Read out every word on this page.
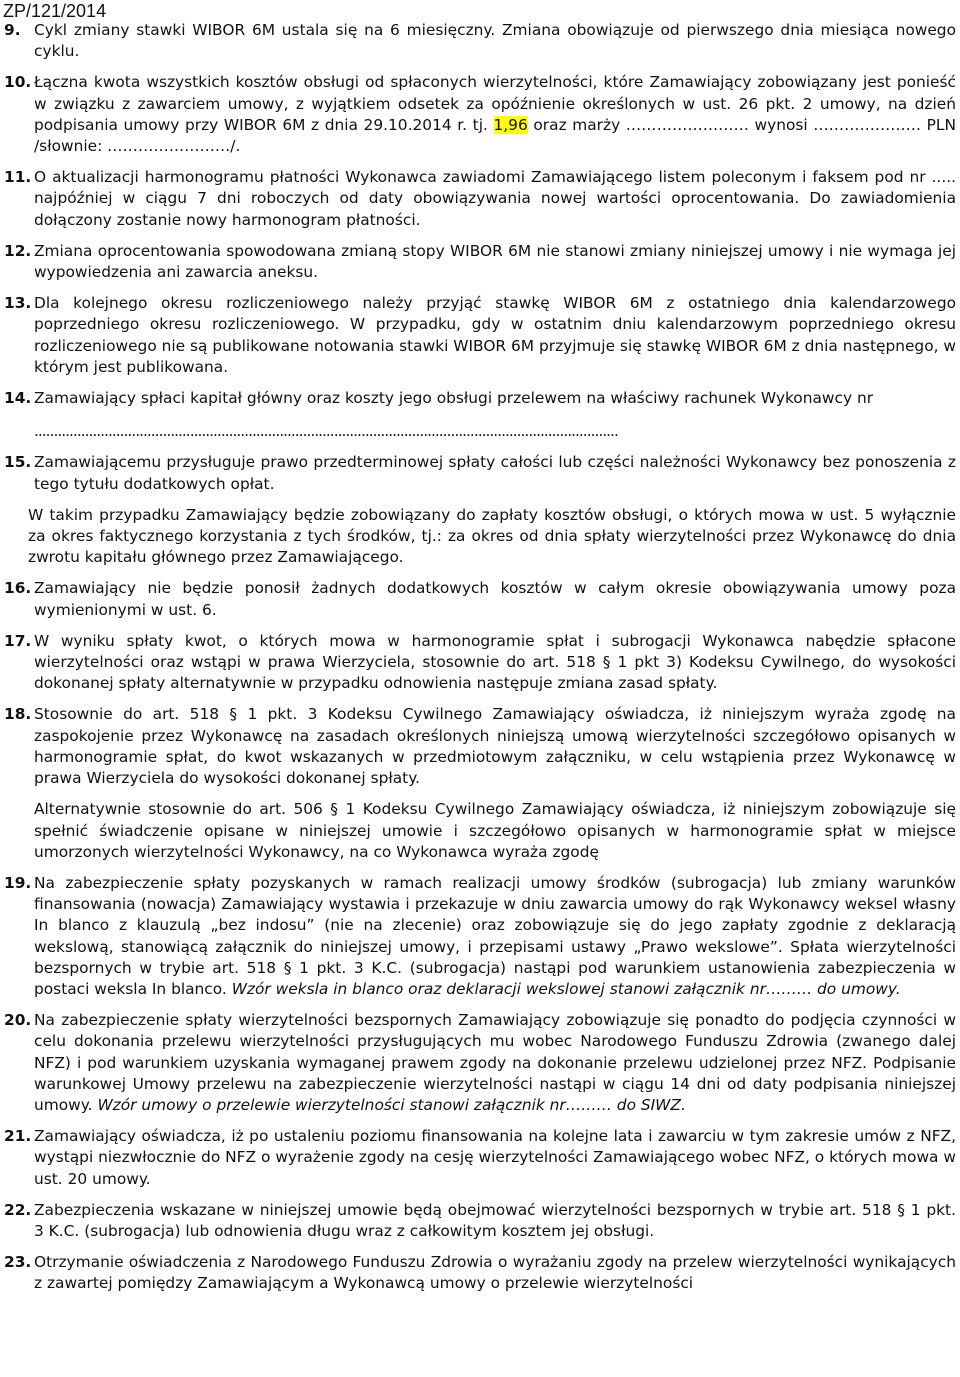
ZP/121/2014
9. Cykl zmiany stawki WIBOR 6M ustala się na 6 miesięczny. Zmiana obowiązuje od pierwszego dnia miesiąca nowego cyklu.

10. Łączna kwota wszystkich kosztów obsługi od spłaconych wierzytelności, które Zamawiający zobowiązany jest ponieść w związku z zawarciem umowy, z wyjątkiem odsetek za opóźnienie określonych w ust. 26 pkt. 2 umowy, na dzień podpisania umowy przy WIBOR 6M z dnia 29.10.2014 r. tj. 1,96 oraz marży …………………… wynosi ………………… PLN /słownie: ……………………/.

11. O aktualizacji harmonogramu płatności Wykonawca zawiadomi Zamawiającego listem poleconym i faksem pod nr ..... najpóźniej w ciągu 7 dni roboczych od daty obowiązywania nowej wartości oprocentowania. Do zawiadomienia dołączony zostanie nowy harmonogram płatności.

12. Zmiana oprocentowania spowodowana zmianą stopy WIBOR 6M nie stanowi zmiany niniejszej umowy i nie wymaga jej wypowiedzenia ani zawarcia aneksu.

13. Dla kolejnego okresu rozliczeniowego należy przyjąć stawkę WIBOR 6M z ostatniego dnia kalendarzowego poprzedniego okresu rozliczeniowego. W przypadku, gdy w ostatnim dniu kalendarzowym poprzedniego okresu rozliczeniowego nie są publikowane notowania stawki WIBOR 6M przyjmuje się stawkę WIBOR 6M z dnia następnego, w którym jest publikowana.

14. Zamawiający spłaci kapitał główny oraz koszty jego obsługi przelewem na właściwy rachunek Wykonawcy nr

......................................................................................................................................................

15. Zamawiającemu przysługuje prawo przedterminowej spłaty całości lub części należności Wykonawcy bez ponoszenia z tego tytułu dodatkowych opłat.

W takim przypadku Zamawiający będzie zobowiązany do zapłaty kosztów obsługi, o których mowa w ust. 5 wyłącznie za okres faktycznego korzystania z tych środków, tj.: za okres od dnia spłaty wierzytelności przez Wykonawcę do dnia zwrotu kapitału głównego przez Zamawiającego.
16. Zamawiający nie będzie ponosił żadnych dodatkowych kosztów w całym okresie obowiązywania umowy poza wymienionymi w ust. 6.

17. W wyniku spłaty kwot, o których mowa w harmonogramie spłat i subrogacji Wykonawca nabędzie spłacone wierzytelności oraz wstąpi w prawa Wierzyciela, stosownie do art. 518 § 1 pkt 3) Kodeksu Cywilnego, do wysokości dokonanej spłaty alternatywnie w przypadku odnowienia następuje zmiana zasad spłaty.

18. Stosownie do art. 518 § 1 pkt. 3 Kodeksu Cywilnego Zamawiający oświadcza, iż niniejszym wyraża zgodę na zaspokojenie przez Wykonawcę na zasadach określonych niniejszą umową wierzytelności szczegółowo opisanych w harmonogramie spłat, do kwot wskazanych w przedmiotowym załączniku, w celu wstąpienia przez Wykonawcę w prawa Wierzyciela do wysokości dokonanej spłaty.

Alternatywnie stosownie do art. 506 § 1 Kodeksu Cywilnego Zamawiający oświadcza, iż niniejszym zobowiązuje się spełnić świadczenie opisane w niniejszej umowie i szczegółowo opisanych w harmonogramie spłat w miejsce umorzonych wierzytelności Wykonawcy, na co Wykonawca wyraża zgodę
19. Na zabezpieczenie spłaty pozyskanych w ramach realizacji umowy środków (subrogacja) lub zmiany warunków finansowania (nowacja) Zamawiający wystawia i przekazuje w dniu zawarcia umowy do rąk Wykonawcy weksel własny In blanco z klauzulą „bez indosu” (nie na zlecenie) oraz zobowiązuje się do jego zapłaty zgodnie z deklaracją wekslową, stanowiącą załącznik do niniejszej umowy, i przepisami ustawy „Prawo wekslowe”. Spłata wierzytelności bezspornych w trybie art. 518 § 1 pkt. 3 K.C. (subrogacja) nastąpi pod warunkiem ustanowienia zabezpieczenia w postaci weksla In blanco. Wzór weksla in blanco oraz deklaracji wekslowej stanowi załącznik nr……… do umowy.

20. Na zabezpieczenie spłaty wierzytelności bezspornych Zamawiający zobowiązuje się ponadto do podjęcia czynności w celu dokonania przelewu wierzytelności przysługujących mu wobec Narodowego Funduszu Zdrowia (zwanego dalej NFZ) i pod warunkiem uzyskania wymaganej prawem zgody na dokonanie przelewu udzielonej przez NFZ. Podpisanie warunkowej Umowy przelewu na zabezpieczenie wierzytelności nastąpi w ciągu 14 dni od daty podpisania niniejszej umowy. Wzór umowy o przelewie wierzytelności stanowi załącznik nr……… do SIWZ.

21. Zamawiający oświadcza, iż po ustaleniu poziomu finansowania na kolejne lata i zawarciu w tym zakresie umów z NFZ, wystąpi niezwłocznie do NFZ o wyrażenie zgody na cesję wierzytelności Zamawiającego wobec NFZ, o których mowa w ust. 20 umowy.

22. Zabezpieczenia wskazane w niniejszej umowie będą obejmować wierzytelności bezspornych w trybie art. 518 § 1 pkt. 3 K.C. (subrogacja) lub odnowienia długu wraz z całkowitym kosztem jej obsługi.

23. Otrzymanie oświadczenia z Narodowego Funduszu Zdrowia o wyrażaniu zgody na przelew wierzytelności wynikających z zawartej pomiędzy Zamawiającym a Wykonawcą umowy o przelewie wierzytelności
